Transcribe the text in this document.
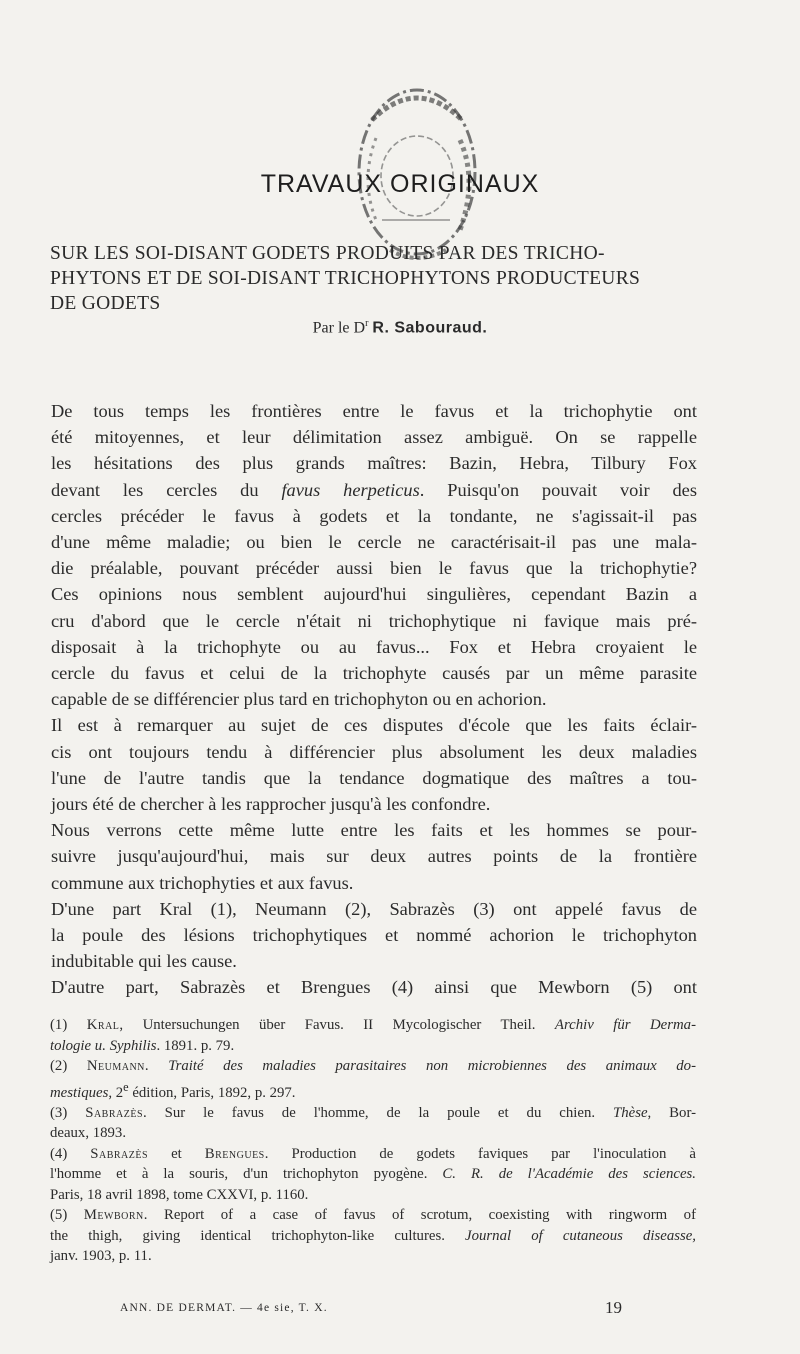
TRAVAUX ORIGINAUX
SUR LES SOI-DISANT GODETS PRODUITS PAR DES TRICHO-
PHYTONS ET DE SOI-DISANT TRICHOPHYTONS PRODUCTEURS
DE GODETS
Par le $D^r$ R. Sabouraud.
De tous temps les frontières entre le favus et la trichophytie ont
été mitoyennes, et leur délimitation assez ambiguë. On se rappelle
les hésitations des plus grands maîtres: Bazin, Hebra, Tilbury Fox
devant les cercles du favus herpeticus. Puisqu'on pouvait voir des
cercles précéder le favus à godets et la tondante, ne s'agissait-il pas
d'une même maladie; ou bien le cercle ne caractérisait-il pas une mala-
die préalable, pouvant précéder aussi bien le favus que la trichophytie?
Ces opinions nous semblent aujourd'hui singulières, cependant Bazin a
cru d'abord que le cercle n'était ni trichophytique ni favique mais pré-
disposait à la trichophyte ou au favus... Fox et Hebra croyaient le
cercle du favus et celui de la trichophyte causés par un même parasite
capable de se différencier plus tard en trichophyton ou en achorion.
Il est à remarquer au sujet de ces disputes d'école que les faits éclair-
cis ont toujours tendu à différencier plus absolument les deux maladies
l'une de l'autre tandis que la tendance dogmatique des maîtres a tou-
jours été de chercher à les rapprocher jusqu'à les confondre.
Nous verrons cette même lutte entre les faits et les hommes se pour-
suivre jusqu'aujourd'hui, mais sur deux autres points de la frontière
commune aux trichophyties et aux favus.
D'une part Kral (1), Neumann (2), Sabrazès (3) ont appelé favus de
la poule des lésions trichophytiques et nommé achorion le trichophyton
indubitable qui les cause.
D'autre part, Sabrazès et Brengues (4) ainsi que Mewborn (5) ont
(1) Kral, Untersuchungen über Favus. II Mycologischer Theil. Archiv für Derma-
tologie u. Syphilis. 1891. p. 79.
(2) Neumann. Traité des maladies parasitaires non microbiennes des animaux do-
mestiques, 2e édition, Paris, 1892, p. 297.
(3) Sabrazès. Sur le favus de l'homme, de la poule et du chien. Thèse, Bor-
deaux, 1893.
(4) Sabrazès et Brengues. Production de godets faviques par l'inoculation à
l'homme et à la souris, d'un trichophyton pyogène. C. R. de l'Académie des sciences.
Paris, 18 avril 1898, tome CXXVI, p. 1160.
(5) Mewborn. Report of a case of favus of scrotum, coexisting with ringworm of
the thigh, giving identical trichophyton-like cultures. Journal of cutaneous diseasse,
janv. 1903, p. 11.
ANN. DE DERMAT. — 4e sie, T. X.	19
